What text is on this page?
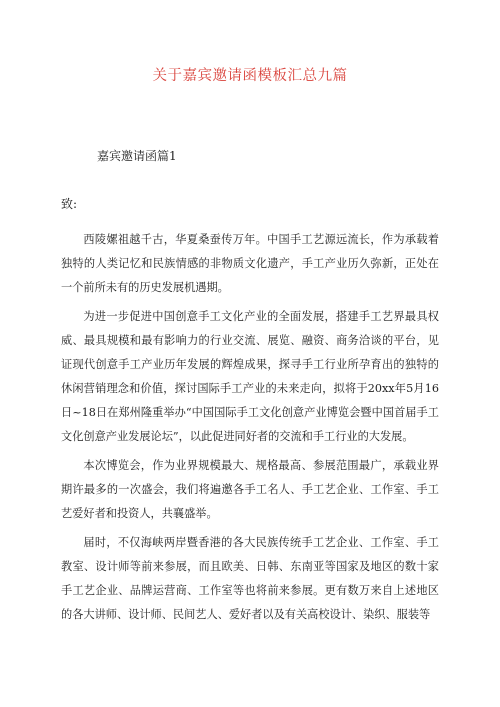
关于嘉宾邀请函模板汇总九篇

嘉宾邀请函篇1

致:

西陵嫘祖越千古，华夏桑蚕传万年。中国手工艺源远流长，作为承载着独特的人类记忆和民族情感的非物质文化遗产，手工产业历久弥新，正处在一个前所未有的历史发展机遇期。

为进一步促进中国创意手工文化产业的全面发展，搭建手工艺界最具权威、最具规模和最有影响力的行业交流、展览、融资、商务洽谈的平台，见证现代创意手工产业历年发展的辉煌成果，探寻手工行业所孕育出的独特的休闲营销理念和价值，探讨国际手工产业的未来走向，拟将于20xx年5月16日~18日在郑州隆重举办“中国国际手工文化创意产业博览会暨中国首届手工文化创意产业发展论坛”，以此促进同好者的交流和手工行业的大发展。

本次博览会，作为业界规模最大、规格最高、参展范围最广，承载业界期许最多的一次盛会，我们将遍邀各手工名人、手工艺企业、工作室、手工艺爱好者和投资人，共襄盛举。

届时，不仅海峡两岸暨香港的各大民族传统手工艺企业、工作室、手工教室、设计师等前来参展，而且欧美、日韩、东南亚等国家及地区的数十家手工艺企业、品牌运营商、工作室等也将前来参展。更有数万来自上述地区的各大讲师、设计师、民间艺人、爱好者以及有关高校设计、染织、服装等
